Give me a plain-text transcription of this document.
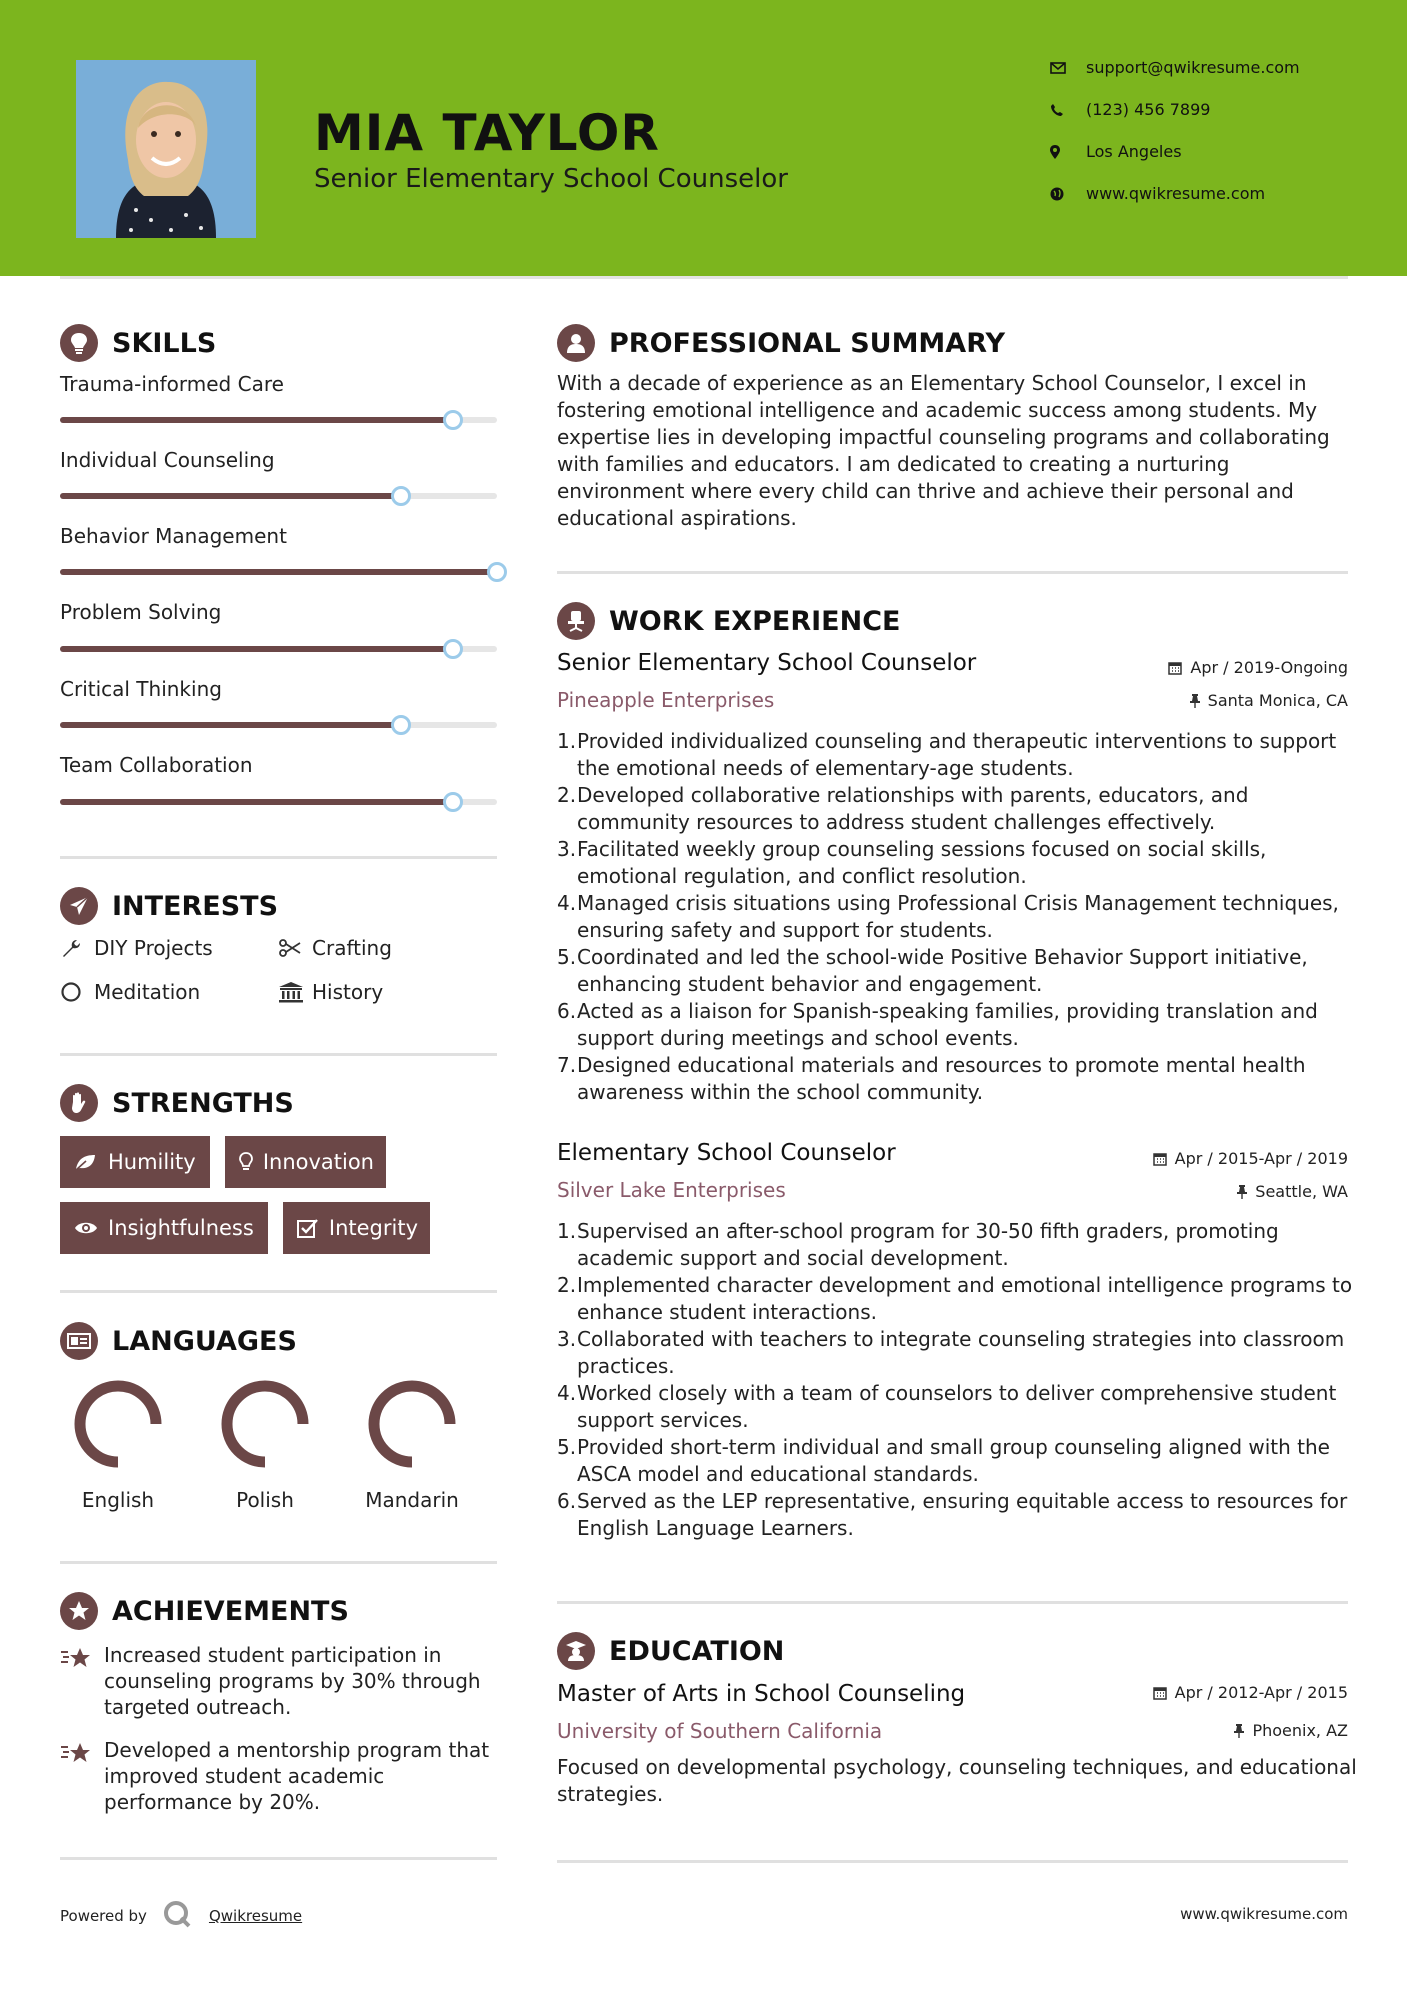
MIA TAYLOR
Senior Elementary School Counselor
support@qwikresume.com
(123) 456 7899
Los Angeles
www.qwikresume.com
SKILLS
Trauma-informed Care
Individual Counseling
Behavior Management
Problem Solving
Critical Thinking
Team Collaboration
INTERESTS
DIY Projects	Crafting
Meditation	History
STRENGTHS
Humility	Innovation
Insightfulness	Integrity
LANGUAGES
English	Polish	Mandarin
ACHIEVEMENTS
Increased student participation in counseling programs by 30% through targeted outreach.
Developed a mentorship program that improved student academic performance by 20%.
PROFESSIONAL SUMMARY
With a decade of experience as an Elementary School Counselor, I excel in fostering emotional intelligence and academic success among students. My expertise lies in developing impactful counseling programs and collaborating with families and educators. I am dedicated to creating a nurturing environment where every child can thrive and achieve their personal and educational aspirations.
WORK EXPERIENCE
Senior Elementary School Counselor	Apr / 2019-Ongoing
Pineapple Enterprises	Santa Monica, CA
1. Provided individualized counseling and therapeutic interventions to support the emotional needs of elementary-age students.
2. Developed collaborative relationships with parents, educators, and community resources to address student challenges effectively.
3. Facilitated weekly group counseling sessions focused on social skills, emotional regulation, and conflict resolution.
4. Managed crisis situations using Professional Crisis Management techniques, ensuring safety and support for students.
5. Coordinated and led the school-wide Positive Behavior Support initiative, enhancing student behavior and engagement.
6. Acted as a liaison for Spanish-speaking families, providing translation and support during meetings and school events.
7. Designed educational materials and resources to promote mental health awareness within the school community.
Elementary School Counselor	Apr / 2015-Apr / 2019
Silver Lake Enterprises	Seattle, WA
1. Supervised an after-school program for 30-50 fifth graders, promoting academic support and social development.
2. Implemented character development and emotional intelligence programs to enhance student interactions.
3. Collaborated with teachers to integrate counseling strategies into classroom practices.
4. Worked closely with a team of counselors to deliver comprehensive student support services.
5. Provided short-term individual and small group counseling aligned with the ASCA model and educational standards.
6. Served as the LEP representative, ensuring equitable access to resources for English Language Learners.
EDUCATION
Master of Arts in School Counseling	Apr / 2012-Apr / 2015
University of Southern California	Phoenix, AZ
Focused on developmental psychology, counseling techniques, and educational strategies.
Powered by	Qwikresume	www.qwikresume.com
